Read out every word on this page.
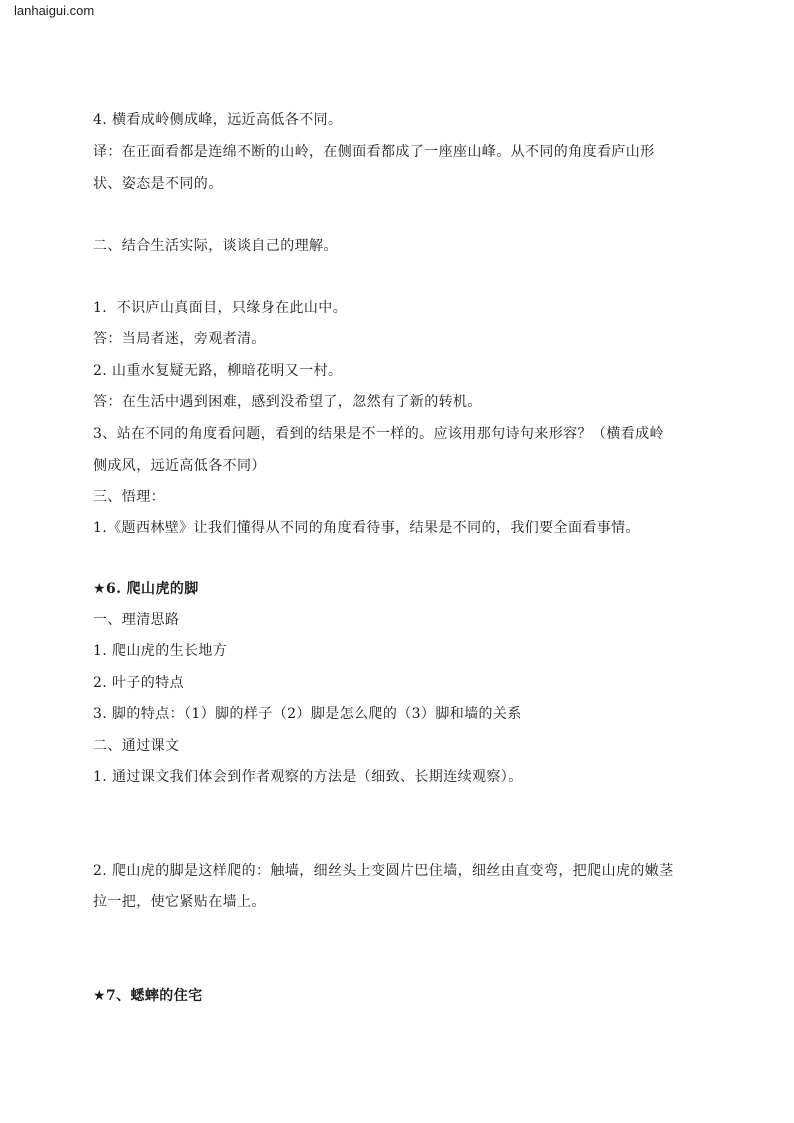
lanhaigui.com
4. 横看成岭侧成峰，远近高低各不同。
译：在正面看都是连绵不断的山岭，在侧面看都成了一座座山峰。从不同的角度看庐山形
状、姿态是不同的。
二、结合生活实际，谈谈自己的理解。
1．不识庐山真面目，只缘身在此山中。
答：当局者迷，旁观者清。
2. 山重水复疑无路，柳暗花明又一村。
答：在生活中遇到困难，感到没希望了，忽然有了新的转机。
3、站在不同的角度看问题，看到的结果是不一样的。应该用那句诗句来形容？（横看成岭
侧成风，远近高低各不同）
三、悟理：
1.《题西林壁》让我们懂得从不同的角度看待事，结果是不同的，我们要全面看事情。
★6. 爬山虎的脚
一、理清思路
1. 爬山虎的生长地方
2. 叶子的特点
3. 脚的特点：（1）脚的样子（2）脚是怎么爬的（3）脚和墙的关系
二、通过课文
1. 通过课文我们体会到作者观察的方法是（细致、长期连续观察）。
2. 爬山虎的脚是这样爬的：触墙，细丝头上变圆片巴住墙，细丝由直变弯，把爬山虎的嫩茎
拉一把，使它紧贴在墙上。
★7、蟋蟀的住宅
